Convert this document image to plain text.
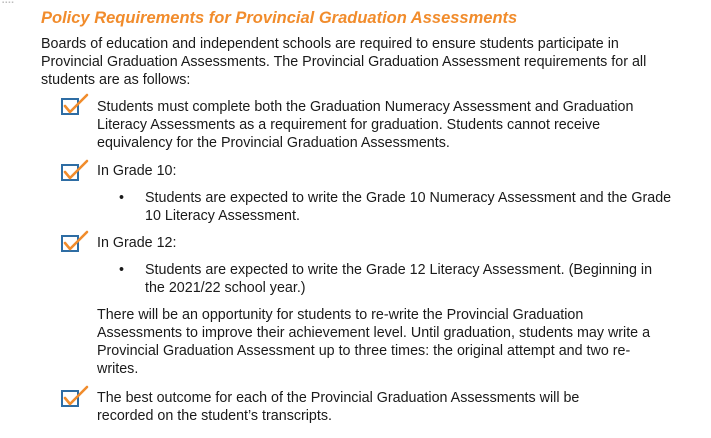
▪▪▪▪
Policy Requirements for Provincial Graduation Assessments
Boards of education and independent schools are required to ensure students participate in Provincial Graduation Assessments. The Provincial Graduation Assessment requirements for all students are as follows:
Students must complete both the Graduation Numeracy Assessment and Graduation Literacy Assessments as a requirement for graduation. Students cannot receive equivalency for the Provincial Graduation Assessments.
In Grade 10:
•	Students are expected to write the Grade 10 Numeracy Assessment and the Grade 10 Literacy Assessment.
In Grade 12:
•	Students are expected to write the Grade 12 Literacy Assessment. (Beginning in the 2021/22 school year.)
There will be an opportunity for students to re-write the Provincial Graduation Assessments to improve their achievement level. Until graduation, students may write a Provincial Graduation Assessment up to three times: the original attempt and two re-writes.
The best outcome for each of the Provincial Graduation Assessments will be recorded on the student’s transcripts.
